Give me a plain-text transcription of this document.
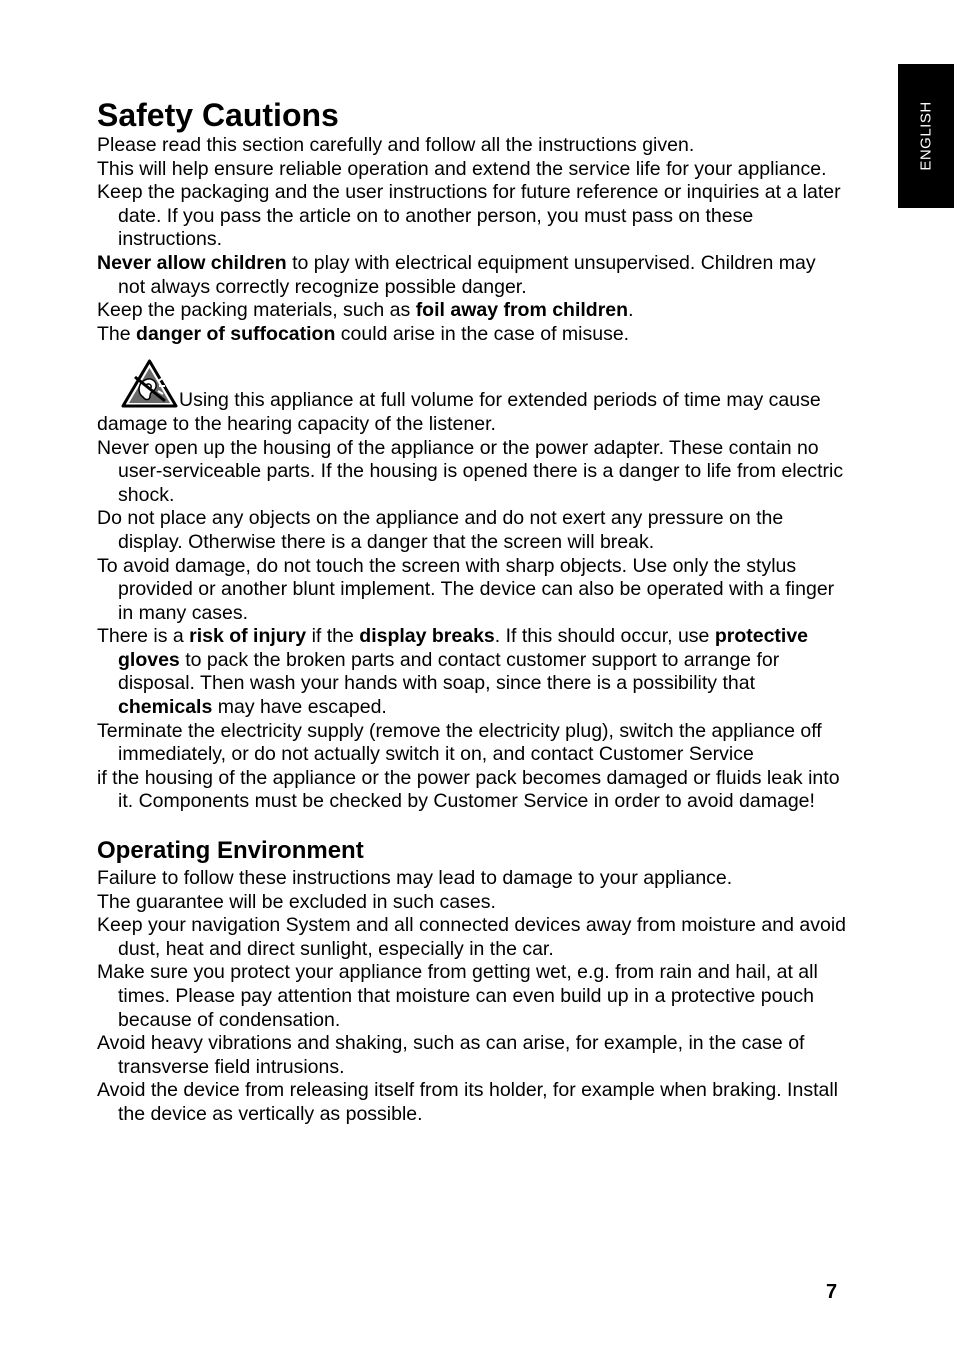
ENGLISH
Safety Cautions

Please read this section carefully and follow all the instructions given.

This will help ensure reliable operation and extend the service life for your appliance.

Keep the packaging and the user instructions for future reference or inquiries at a later date. If you pass the article on to another person, you must pass on these instructions.

Never allow children to play with electrical equipment unsupervised. Children may not always correctly recognize possible danger.

Keep the packing materials, such as foil away from children.

The danger of suffocation could arise in the case of misuse.

Using this appliance at full volume for extended periods of time may cause damage to the hearing capacity of the listener.

Never open up the housing of the appliance or the power adapter. These contain no user-serviceable parts. If the housing is opened there is a danger to life from electric shock.

Do not place any objects on the appliance and do not exert any pressure on the display. Otherwise there is a danger that the screen will break.

To avoid damage, do not touch the screen with sharp objects. Use only the stylus provided or another blunt implement. The device can also be operated with a finger in many cases.

There is a risk of injury if the display breaks. If this should occur, use protective gloves to pack the broken parts and contact customer support to arrange for disposal. Then wash your hands with soap, since there is a possibility that chemicals may have escaped.

Terminate the electricity supply (remove the electricity plug), switch the appliance off immediately, or do not actually switch it on, and contact Customer Service

if the housing of the appliance or the power pack becomes damaged or fluids leak into it. Components must be checked by Customer Service in order to avoid damage!

Operating Environment

Failure to follow these instructions may lead to damage to your appliance.

The guarantee will be excluded in such cases.

Keep your navigation System and all connected devices away from moisture and avoid dust, heat and direct sunlight, especially in the car.

Make sure you protect your appliance from getting wet, e.g. from rain and hail, at all times. Please pay attention that moisture can even build up in a protective pouch because of condensation.

Avoid heavy vibrations and shaking, such as can arise, for example, in the case of transverse field intrusions.

Avoid the device from releasing itself from its holder, for example when braking. Install the device as vertically as possible.

7
